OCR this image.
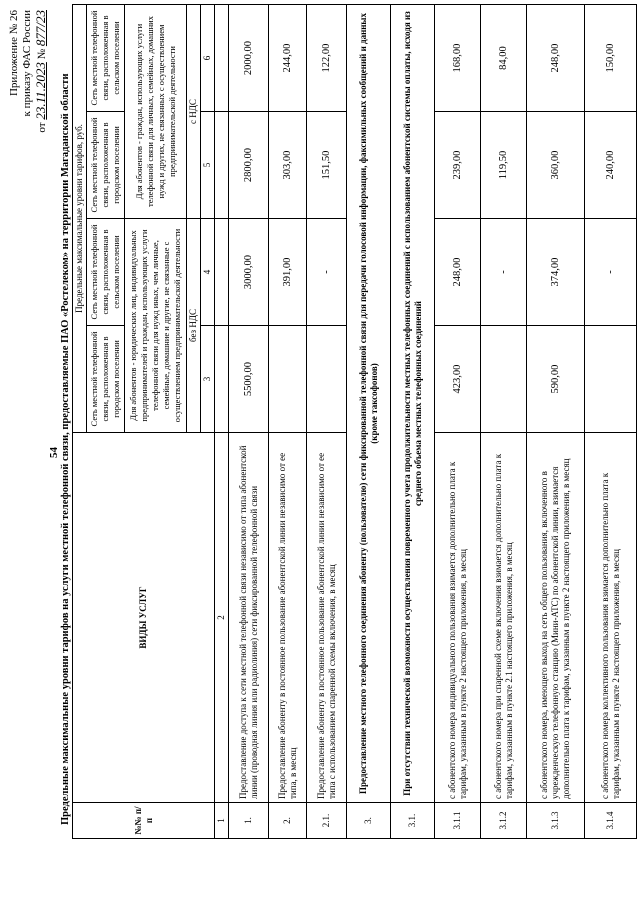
54
Приложение № 26 к приказу ФАС России
от 23.11.2023 № 877/23
Предельные максимальные уровни тарифов на услуги местной телефонной связи, предоставляемые ПАО «Ростелеком» на территории Магаданской области	№№ п/п	ВИДЫ УСЛУГ	Предельные максимальные уровни тарифов, руб.			
		Сеть местной телефонной связи, расположенная в городском поселении	Сеть местной телефонной связи, расположенная в сельском поселении	Сеть местной телефонной связи, расположенная в городском поселении	Сеть местной телефонной связи, расположенная в сельском поселении
		Для абонентов - юридических лиц, индивидуальных предпринимателей и граждан, использующих услуги телефонной связи для нужд иных, чем личные, семейные, домашние и другие, не связанные с осуществлением предпринимательской деятельности		Для абонентов - граждан, использующих услуги телефонной связи для личных, семейных, домашних нужд и других, не связанных с осуществлением предпринимательской деятельности	
		без НДС		с НДС	
		3	4	5	6
1	2				
1.	Предоставление доступа к сети местной телефонной связи независимо от типа абонентской линии (проводная линия или радиолиния) сети фиксированной телефонной связи	5500,00	3000,00	2800,00	2000,00
2.	Предоставление абоненту в постоянное пользование абонентской линии независимо от ее типа, в месяц		391,00	303,00	244,00
2.1.	Предоставление абоненту в постоянное пользование абонентской линии независимо от ее типа с использованием спаренной схемы включения, в месяц		-	151,50	122,00
3.	Предоставление местного телефонного соединения абоненту (пользователю) сети фиксированной телефонной связи для передачи голосовой информации, факсимильных сообщений и данных (кроме таксофонов)				
3.1.	При отсутствии технической возможности осуществления повременного учета продолжительности местных телефонных соединений с использованием абонентской системы оплаты, исходя из среднего объема местных телефонных соединений				
3.1.1	с абонентского номера индивидуального пользования взимается дополнительно плата к тарифам, указанным в пункте 2 настоящего приложения, в месяц	423,00	248,00	239,00	168,00
3.1.2	с абонентского номера при спаренной схеме включения взимается дополнительно плата к тарифам, указанным в пункте 2.1 настоящего приложения, в месяц		-	119,50	84,00
3.1.3	с абонентского номера, имеющего выход на сеть общего пользования, включенного в учрежденческую телефонную станцию (Мини-АТС) по абонентской линии, взимается дополнительно плата к тарифам, указанным в пункте 2 настоящего приложения, в месяц	590,00	374,00	360,00	248,00
3.1.4	с абонентского номера коллективного пользования взимается дополнительно плата к тарифам, указанным в пункте 2 настоящего приложения, в месяц		-	240,00	150,00
